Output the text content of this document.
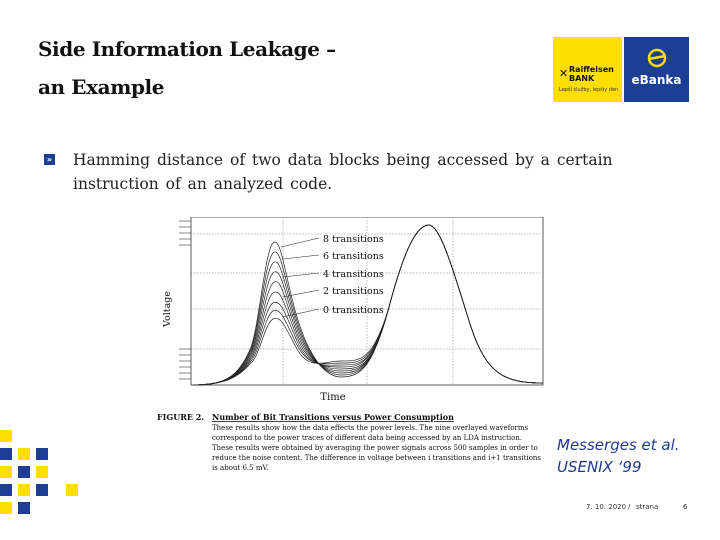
Side Information Leakage –
an Example
✕ Raiffeisen
BANK
Lepší služby, lepšiy den
eBanka
» Hamming distance of two data blocks being accessed by a certain instruction of an analyzed code.
8 transitions
6 transitions
4 transitions
2 transitions
0 transitions
Voltage
Time
FIGURE 2. Number of Bit Transitions versus Power Consumption
These results show how the data effects the power levels. The nine overlayed waveforms
correspond to the power traces of different data being accessed by an LDA instruction.
These results were obtained by averaging the power signals across 500 samples in order to
reduce the noise content. The difference in voltage between i transitions and i+1 transitions
is about 6.5 mV.
Messerges et al.
USENIX ‘99
7. 10. 2020 / strana	6
